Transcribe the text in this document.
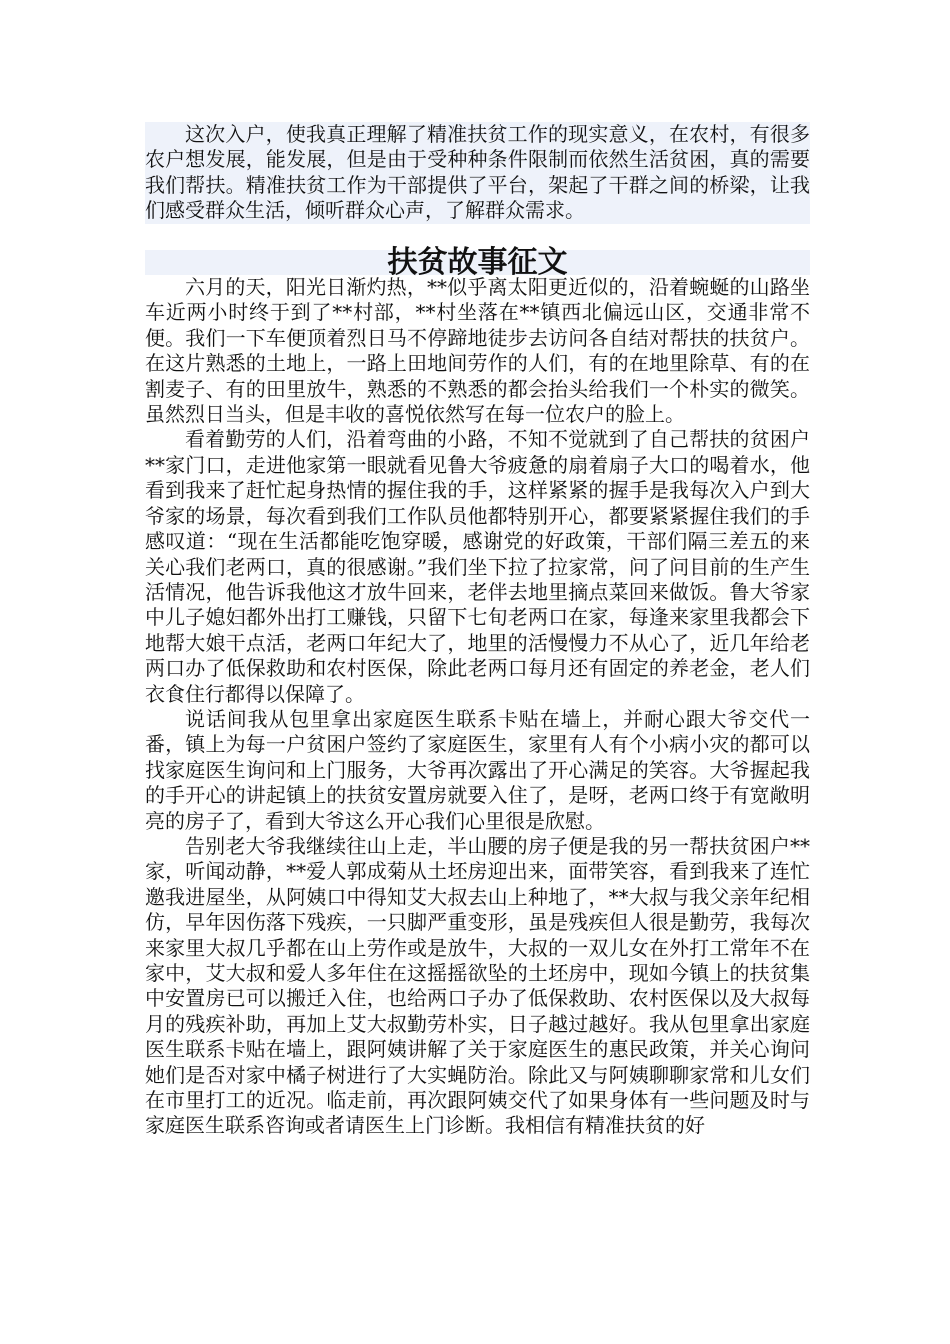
这次入户，使我真正理解了精准扶贫工作的现实意义，在农村，有很多农户想发展，能发展，但是由于受种种条件限制而依然生活贫困，真的需要我们帮扶。精准扶贫工作为干部提供了平台，架起了干群之间的桥梁，让我们感受群众生活，倾听群众心声，了解群众需求。

扶贫故事征文

六月的天，阳光日渐灼热，**似乎离太阳更近似的，沿着蜿蜒的山路坐车近两小时终于到了**村部，**村坐落在**镇西北偏远山区，交通非常不便。我们一下车便顶着烈日马不停蹄地徒步去访问各自结对帮扶的扶贫户。在这片熟悉的土地上，一路上田地间劳作的人们，有的在地里除草、有的在割麦子、有的田里放牛，熟悉的不熟悉的都会抬头给我们一个朴实的微笑。虽然烈日当头，但是丰收的喜悦依然写在每一位农户的脸上。

看着勤劳的人们，沿着弯曲的小路，不知不觉就到了自己帮扶的贫困户**家门口，走进他家第一眼就看见鲁大爷疲惫的扇着扇子大口的喝着水，他看到我来了赶忙起身热情的握住我的手，这样紧紧的握手是我每次入户到大爷家的场景，每次看到我们工作队员他都特别开心，都要紧紧握住我们的手感叹道：“现在生活都能吃饱穿暖，感谢党的好政策，干部们隔三差五的来关心我们老两口，真的很感谢。”我们坐下拉了拉家常，问了问目前的生产生活情况，他告诉我他这才放牛回来，老伴去地里摘点菜回来做饭。鲁大爷家中儿子媳妇都外出打工赚钱，只留下七旬老两口在家，每逢来家里我都会下地帮大娘干点活，老两口年纪大了，地里的活慢慢力不从心了，近几年给老两口办了低保救助和农村医保，除此老两口每月还有固定的养老金，老人们衣食住行都得以保障了。

说话间我从包里拿出家庭医生联系卡贴在墙上，并耐心跟大爷交代一番，镇上为每一户贫困户签约了家庭医生，家里有人有个小病小灾的都可以找家庭医生询问和上门服务，大爷再次露出了开心满足的笑容。大爷握起我的手开心的讲起镇上的扶贫安置房就要入住了，是呀，老两口终于有宽敞明亮的房子了，看到大爷这么开心我们心里很是欣慰。

告别老大爷我继续往山上走，半山腰的房子便是我的另一帮扶贫困户**家，听闻动静，**爱人郭成菊从土坯房迎出来，面带笑容，看到我来了连忙邀我进屋坐，从阿姨口中得知艾大叔去山上种地了，**大叔与我父亲年纪相仿，早年因伤落下残疾，一只脚严重变形，虽是残疾但人很是勤劳，我每次来家里大叔几乎都在山上劳作或是放牛，大叔的一双儿女在外打工常年不在家中，艾大叔和爱人多年住在这摇摇欲坠的土坯房中，现如今镇上的扶贫集中安置房已可以搬迁入住，也给两口子办了低保救助、农村医保以及大叔每月的残疾补助，再加上艾大叔勤劳朴实，日子越过越好。我从包里拿出家庭医生联系卡贴在墙上，跟阿姨讲解了关于家庭医生的惠民政策，并关心询问她们是否对家中橘子树进行了大实蝇防治。除此又与阿姨聊聊家常和儿女们在市里打工的近况。临走前，再次跟阿姨交代了如果身体有一些问题及时与家庭医生联系咨询或者请医生上门诊断。我相信有精准扶贫的好
